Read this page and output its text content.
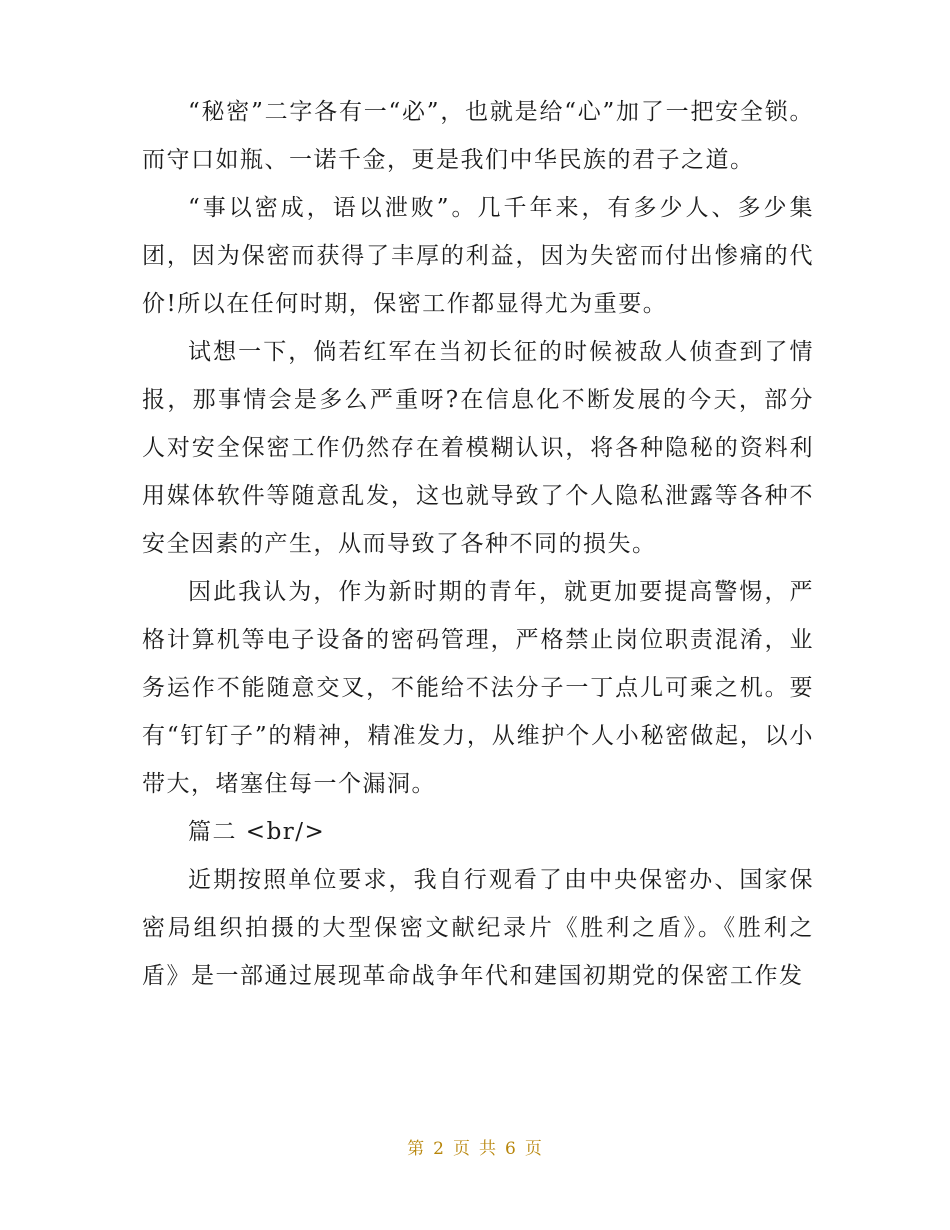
“秘密”二字各有一“必”，也就是给“心”加了一把安全锁。而守口如瓶、一诺千金，更是我们中华民族的君子之道。

“事以密成，语以泄败”。几千年来，有多少人、多少集团，因为保密而获得了丰厚的利益，因为失密而付出惨痛的代价!所以在任何时期，保密工作都显得尤为重要。

试想一下，倘若红军在当初长征的时候被敌人侦查到了情报，那事情会是多么严重呀?在信息化不断发展的今天，部分人对安全保密工作仍然存在着模糊认识，将各种隐秘的资料利用媒体软件等随意乱发，这也就导致了个人隐私泄露等各种不安全因素的产生，从而导致了各种不同的损失。

因此我认为，作为新时期的青年，就更加要提高警惕，严格计算机等电子设备的密码管理，严格禁止岗位职责混淆，业务运作不能随意交叉，不能给不法分子一丁点儿可乘之机。要有“钉钉子”的精神，精准发力，从维护个人小秘密做起，以小带大，堵塞住每一个漏洞。

篇二 <br/>

近期按照单位要求，我自行观看了由中央保密办、国家保密局组织拍摄的大型保密文献纪录片《胜利之盾》。《胜利之盾》是一部通过展现革命战争年代和建国初期党的保密工作发

第 2 页 共 6 页
